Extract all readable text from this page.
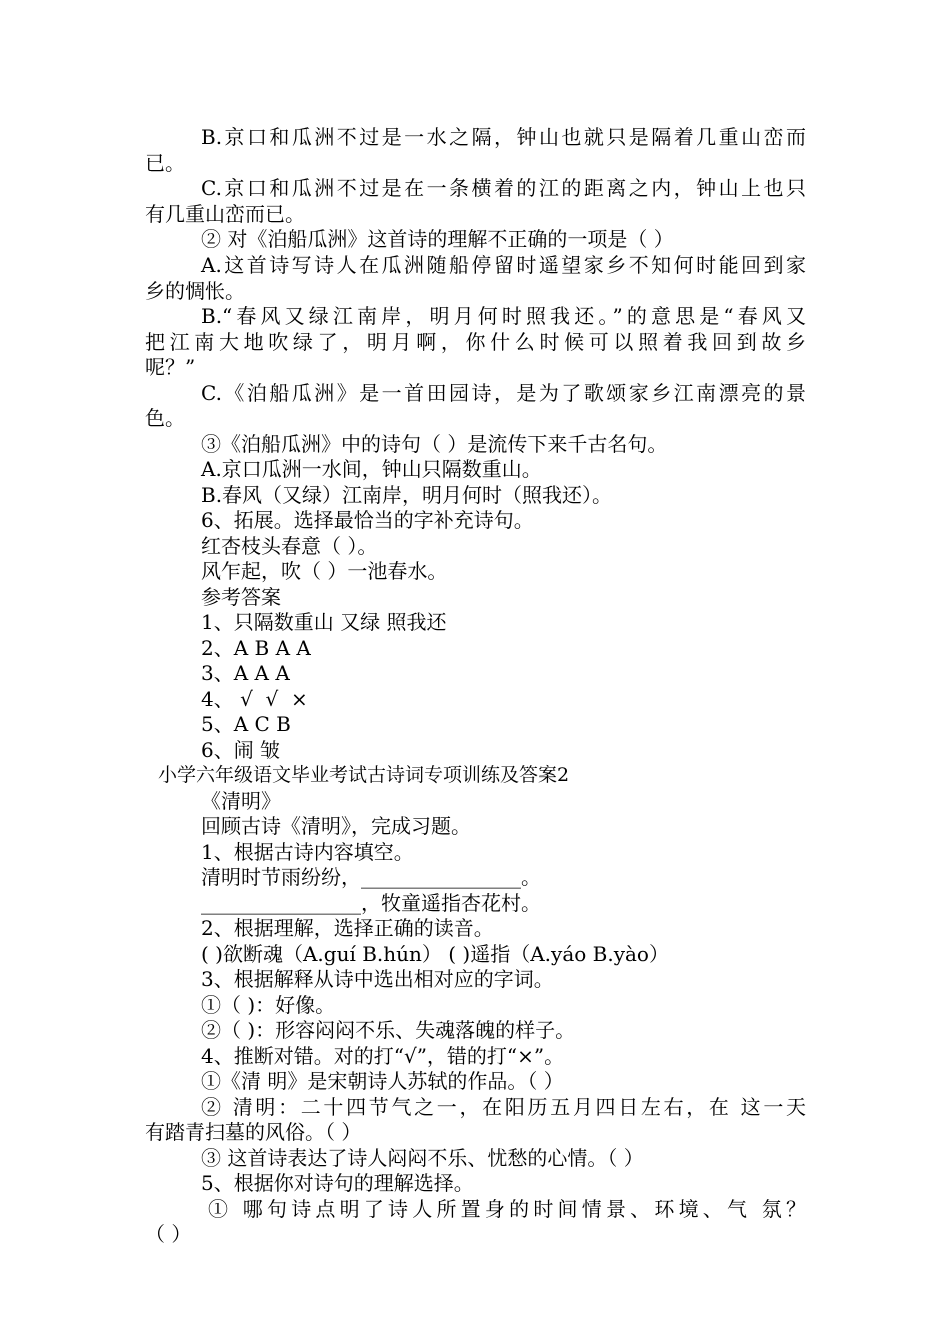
B.京口和瓜洲不过是一水之隔，钟山也就只是隔着几重山峦而

已。

C.京口和瓜洲不过是在一条横着的江的距离之内，钟山上也只

有几重山峦而已。

② 对《泊船瓜洲》这首诗的理解不正确的一项是（ ）

A.这首诗写诗人在瓜洲随船停留时遥望家乡不知何时能回到家

乡的惆怅。

B.“春风又绿江南岸，明月何时照我还。”的意思是“春风又

把江南大地吹绿了，明月啊，你什么时候可以照着我回到故乡

呢？”

C.《泊船瓜洲》是一首田园诗，是为了歌颂家乡江南漂亮的景

色。

③《泊船瓜洲》中的诗句（ ）是流传下来千古名句。

A.京口瓜洲一水间，钟山只隔数重山。

B.春风（又绿）江南岸，明月何时（照我还）。

6、拓展。选择最恰当的字补充诗句。

红杏枝头春意（ ）。

风乍起，吹（ ）一池春水。

参考答案

1、只隔数重山 又绿 照我还

2、A B A A

3、A A A

4、 √  √  ×

5、A C B

6、闹 皱

小学六年级语文毕业考试古诗词专项训练及答案2

《清明》

回顾古诗《清明》，完成习题。

1、根据古诗内容填空。

清明时节雨纷纷，________________。

________________，牧童遥指杏花村。

2、根据理解，选择正确的读音。

( )欲断魂（A.guí B.hún） ( )遥指（A.yáo B.yào）

3、根据解释从诗中选出相对应的字词。

①（ )：好像。

②（ )：形容闷闷不乐、失魂落魄的样子。

4、推断对错。对的打“√”，错的打“×”。

①《清 明》是宋朝诗人苏轼的作品。（ ）

② 清明：二十四节气之一，在阳历五月四日左右，在 这一天

有踏青扫墓的风俗。（ ）

③ 这首诗表达了诗人闷闷不乐、忧愁的心情。（ ）

5、根据你对诗句的理解选择。

① 哪句诗点明了诗人所置身的时间情景、环境、气 氛？

（ ）
